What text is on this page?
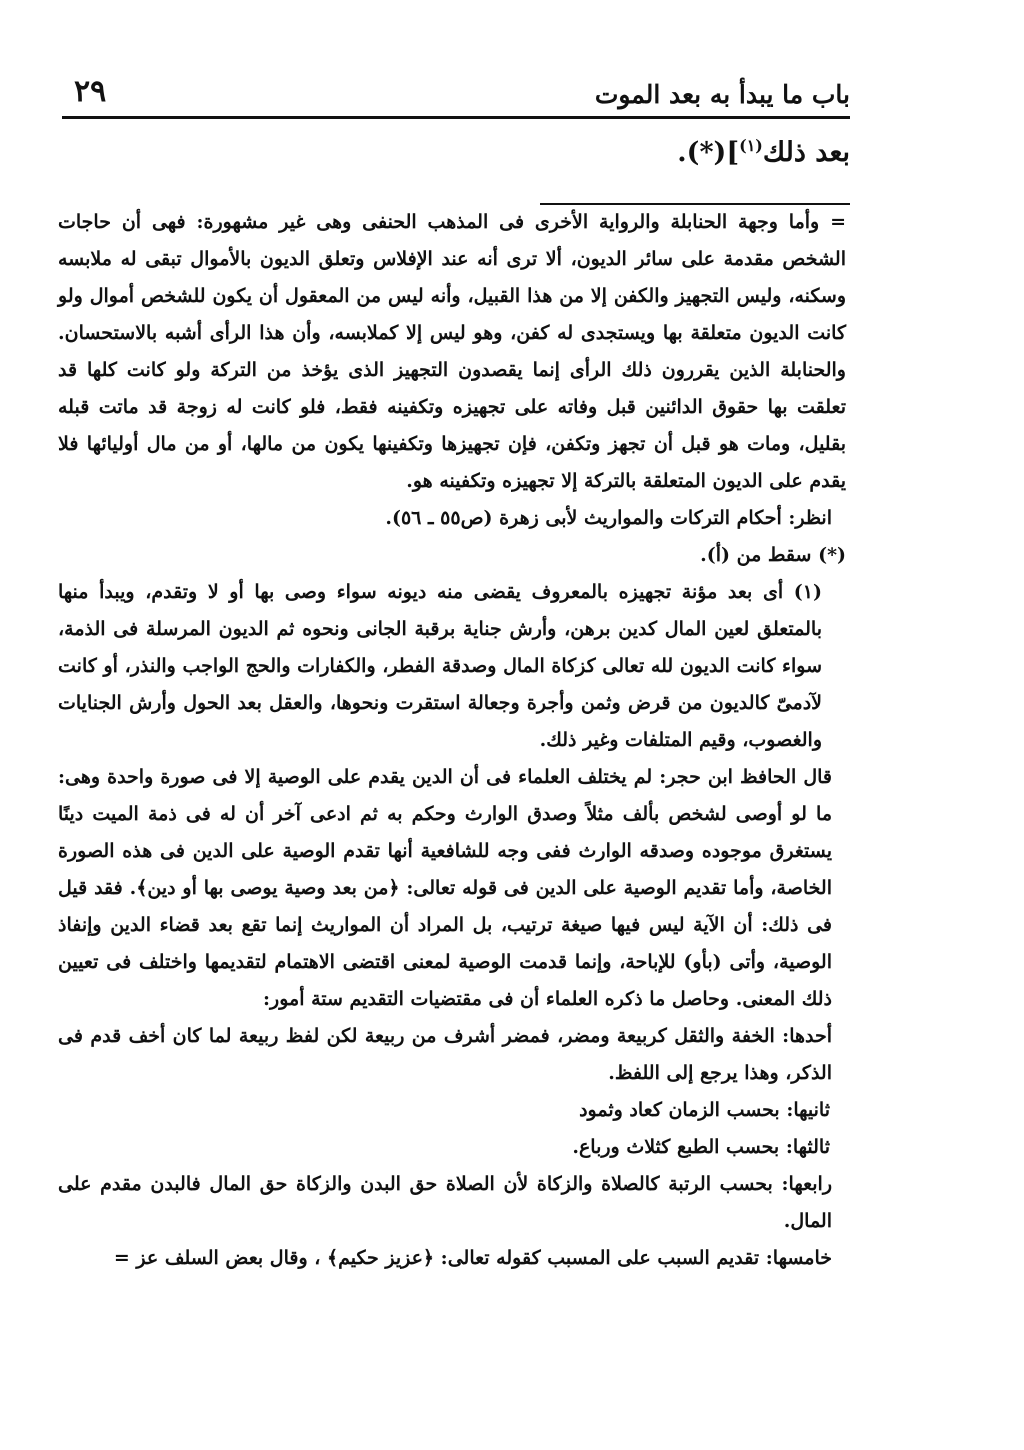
٢٩	باب ما يبدأ به بعد الموت
بعد ذلك$^{(١)}$](*).

= وأما وجهة الحنابلة والرواية الأخرى فى المذهب الحنفى وهى غير مشهورة: فهى أن حاجات الشخص مقدمة على سائر الديون، ألا ترى أنه عند الإفلاس وتعلق الديون بالأموال تبقى له ملابسه وسكنه، وليس التجهيز والكفن إلا من هذا القبيل، وأنه ليس من المعقول أن يكون للشخص أموال ولو كانت الديون متعلقة بها ويستجدى له كفن، وهو ليس إلا كملابسه، وأن هذا الرأى أشبه بالاستحسان. والحنابلة الذين يقررون ذلك الرأى إنما يقصدون التجهيز الذى يؤخذ من التركة ولو كانت كلها قد تعلقت بها حقوق الدائنين قبل وفاته على تجهيزه وتكفينه فقط، فلو كانت له زوجة قد ماتت قبله بقليل، ومات هو قبل أن تجهز وتكفن، فإن تجهيزها وتكفينها يكون من مالها، أو من مال أوليائها فلا يقدم على الديون المتعلقة بالتركة إلا تجهيزه وتكفينه هو.

انظر: أحكام التركات والمواريث لأبى زهرة (ص٥٥ ـ ٥٦).

(*) سقط من (أ).

(١) أى بعد مؤنة تجهيزه بالمعروف يقضى منه ديونه سواء وصى بها أو لا وتقدم، ويبدأ منها بالمتعلق لعين المال كدين برهن، وأرش جناية برقبة الجانى ونحوه ثم الديون المرسلة فى الذمة، سواء كانت الديون لله تعالى كزكاة المال وصدقة الفطر، والكفارات والحج الواجب والنذر، أو كانت لآدمىّ كالديون من قرض وثمن وأجرة وجعالة استقرت ونحوها، والعقل بعد الحول وأرش الجنايات والغصوب، وقيم المتلفات وغير ذلك.

قال الحافظ ابن حجر: لم يختلف العلماء فى أن الدين يقدم على الوصية إلا فى صورة واحدة وهى: ما لو أوصى لشخص بألف مثلاً وصدق الوارث وحكم به ثم ادعى آخر أن له فى ذمة الميت دينًا يستغرق موجوده وصدقه الوارث ففى وجه للشافعية أنها تقدم الوصية على الدين فى هذه الصورة الخاصة، وأما تقديم الوصية على الدين فى قوله تعالى: ﴿من بعد وصية يوصى بها أو دين﴾. فقد قيل فى ذلك: أن الآية ليس فيها صيغة ترتيب، بل المراد أن المواريث إنما تقع بعد قضاء الدين وإنفاذ الوصية، وأتى (بأو) للإباحة، وإنما قدمت الوصية لمعنى اقتضى الاهتمام لتقديمها واختلف فى تعيين ذلك المعنى. وحاصل ما ذكره العلماء أن فى مقتضيات التقديم ستة أمور:

أحدها: الخفة والثقل كربيعة ومضر، فمضر أشرف من ربيعة لكن لفظ ربيعة لما كان أخف قدم فى الذكر، وهذا يرجع إلى اللفظ.

ثانيها: بحسب الزمان كعاد وثمود

ثالثها: بحسب الطبع كثلاث ورباع.

رابعها: بحسب الرتبة كالصلاة والزكاة لأن الصلاة حق البدن والزكاة حق المال فالبدن مقدم على المال.

خامسها: تقديم السبب على المسبب كقوله تعالى: ﴿عزيز حكيم﴾ ، وقال بعض السلف عز =
